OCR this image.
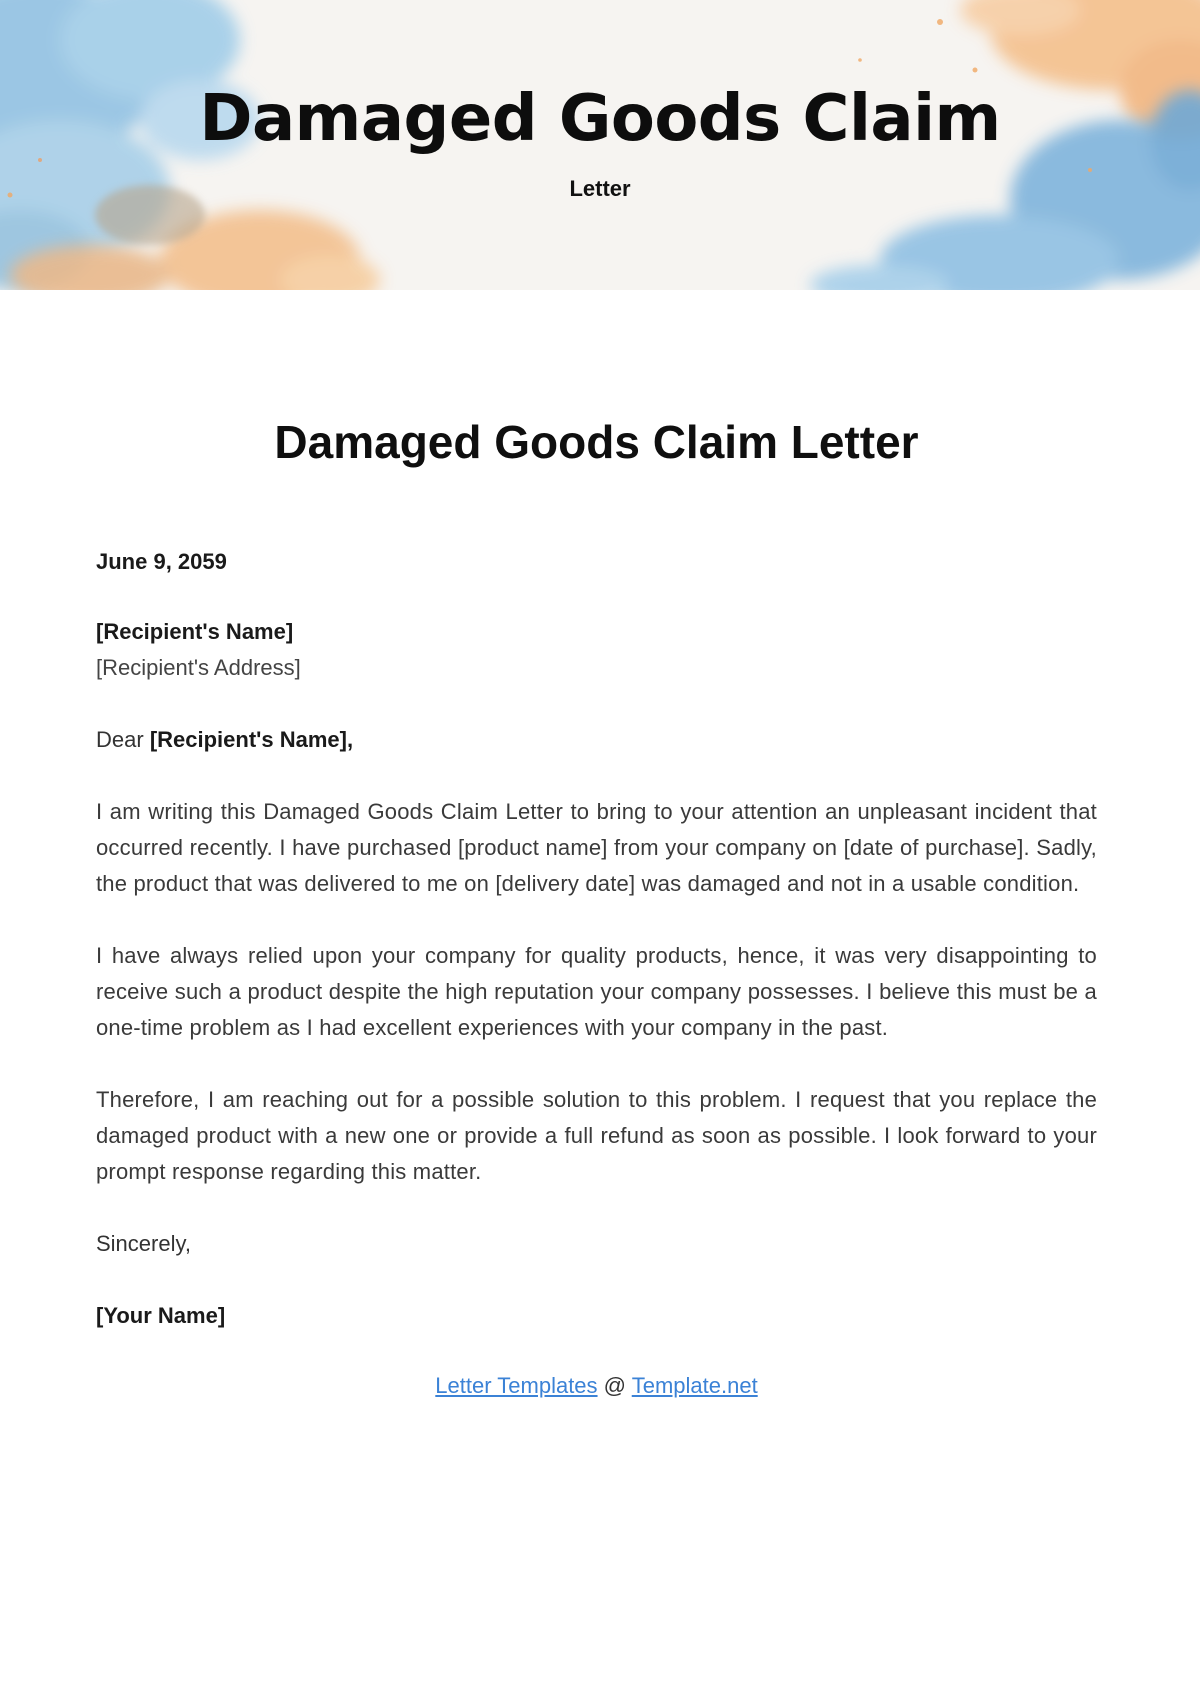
Damaged Goods Claim
Letter
Damaged Goods Claim Letter
June 9, 2059
[Recipient's Name]
[Recipient's Address]
Dear [Recipient's Name],

I am writing this Damaged Goods Claim Letter to bring to your attention an unpleasant incident that occurred recently. I have purchased [product name] from your company on [date of purchase]. Sadly, the product that was delivered to me on [delivery date] was damaged and not in a usable condition.

I have always relied upon your company for quality products, hence, it was very disappointing to receive such a product despite the high reputation your company possesses. I believe this must be a one-time problem as I had excellent experiences with your company in the past.

Therefore, I am reaching out for a possible solution to this problem. I request that you replace the damaged product with a new one or provide a full refund as soon as possible. I look forward to your prompt response regarding this matter.

Sincerely,
[Your Name]
Letter Templates @ Template.net
